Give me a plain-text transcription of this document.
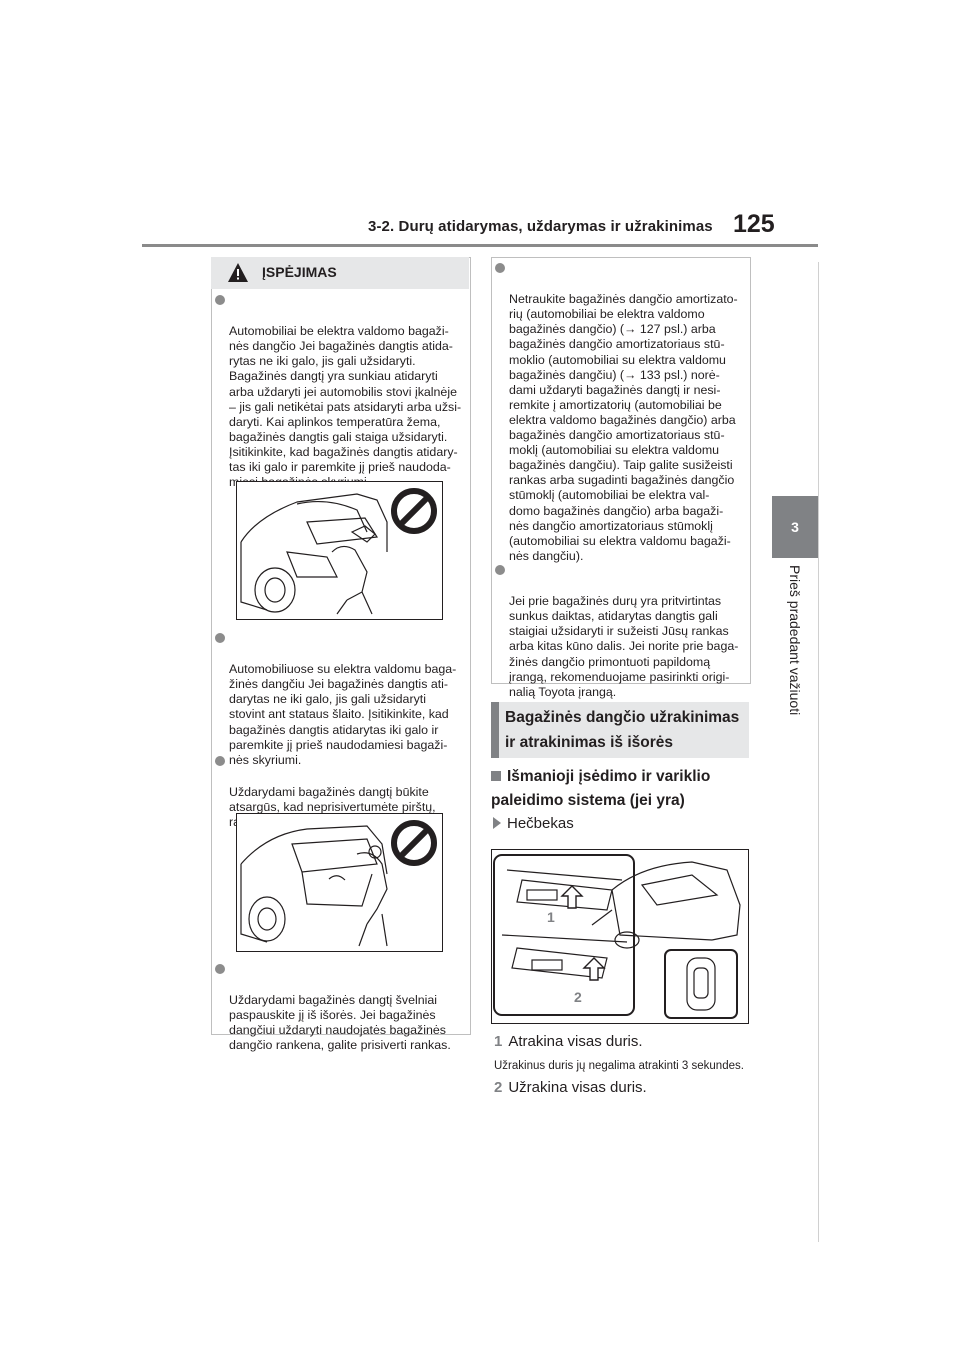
3-2. Durų atidarymas, uždarymas ir užrakinimas 125
3
Prieš pradedant važiuoti
ĮSPĖJIMAS

Automobiliai be elektra valdomo bagaži-
nės dangčio Jei bagažinės dangtis atida-
rytas ne iki galo, jis gali užsidaryti.
Bagažinės dangtį yra sunkiau atidaryti
arba uždaryti jei automobilis stovi įkalnėje
– jis gali netikėtai pats atsidaryti arba užsi-
daryti. Kai aplinkos temperatūra žema,
bagažinės dangtis gali staiga užsidaryti.
Įsitikinkite, kad bagažinės dangtis atidary-
tas iki galo ir paremkite jį prieš naudoda-
miesi bagažinės skyriumi.

Automobiliuose su elektra valdomu baga-
žinės dangčiu Jei bagažinės dangtis ati-
darytas ne iki galo, jis gali užsidaryti
stovint ant stataus šlaito. Įsitikinkite, kad
bagažinės dangtis atidarytas iki galo ir
paremkite jį prieš naudodamiesi bagaži-
nės skyriumi.

Uždarydami bagažinės dangtį būkite
atsargūs, kad neprisivertumėte pirštų,
rankų ir t.t.

Uždarydami bagažinės dangtį švelniai
paspauskite jį iš išorės. Jei bagažinės
dangčiui uždaryti naudojatės bagažinės
dangčio rankena, galite prisiverti rankas.

Netraukite bagažinės dangčio amortizato-
rių (automobiliai be elektra valdomo
bagažinės dangčio) (→ 127 psl.) arba
bagažinės dangčio amortizatoriaus stū-
moklio (automobiliai su elektra valdomu
bagažinės dangčiu) (→ 133 psl.) norė-
dami uždaryti bagažinės dangtį ir nesi-
remkite į amortizatorių (automobiliai be
elektra valdomo bagažinės dangčio) arba
bagažinės dangčio amortizatoriaus stū-
moklį (automobiliai su elektra valdomu
bagažinės dangčiu). Taip galite susižeisti
rankas arba sugadinti bagažinės dangčio
stūmoklį (automobiliai be elektra val-
domo bagažinės dangčio) arba bagaži-
nės dangčio amortizatoriaus stūmoklį
(automobiliai su elektra valdomu bagaži-
nės dangčiu).

Jei prie bagažinės durų yra pritvirtintas
sunkus daiktas, atidarytas dangtis gali
staigiai užsidaryti ir sužeisti Jūsų rankas
arba kitas kūno dalis. Jei norite prie baga-
žinės dangčio primontuoti papildomą
įrangą, rekomenduojame pasirinkti origi-
nalią Toyota įrangą.

Bagažinės dangčio užrakinimas ir atrakinimas iš išorės
Išmanioji įsėdimo ir variklio paleidimo sistema (jei yra)
Hečbekas
1
2
1 Atrakina visas duris.
Užrakinus duris jų negalima atrakinti 3 sekundes.
2 Užrakina visas duris.
